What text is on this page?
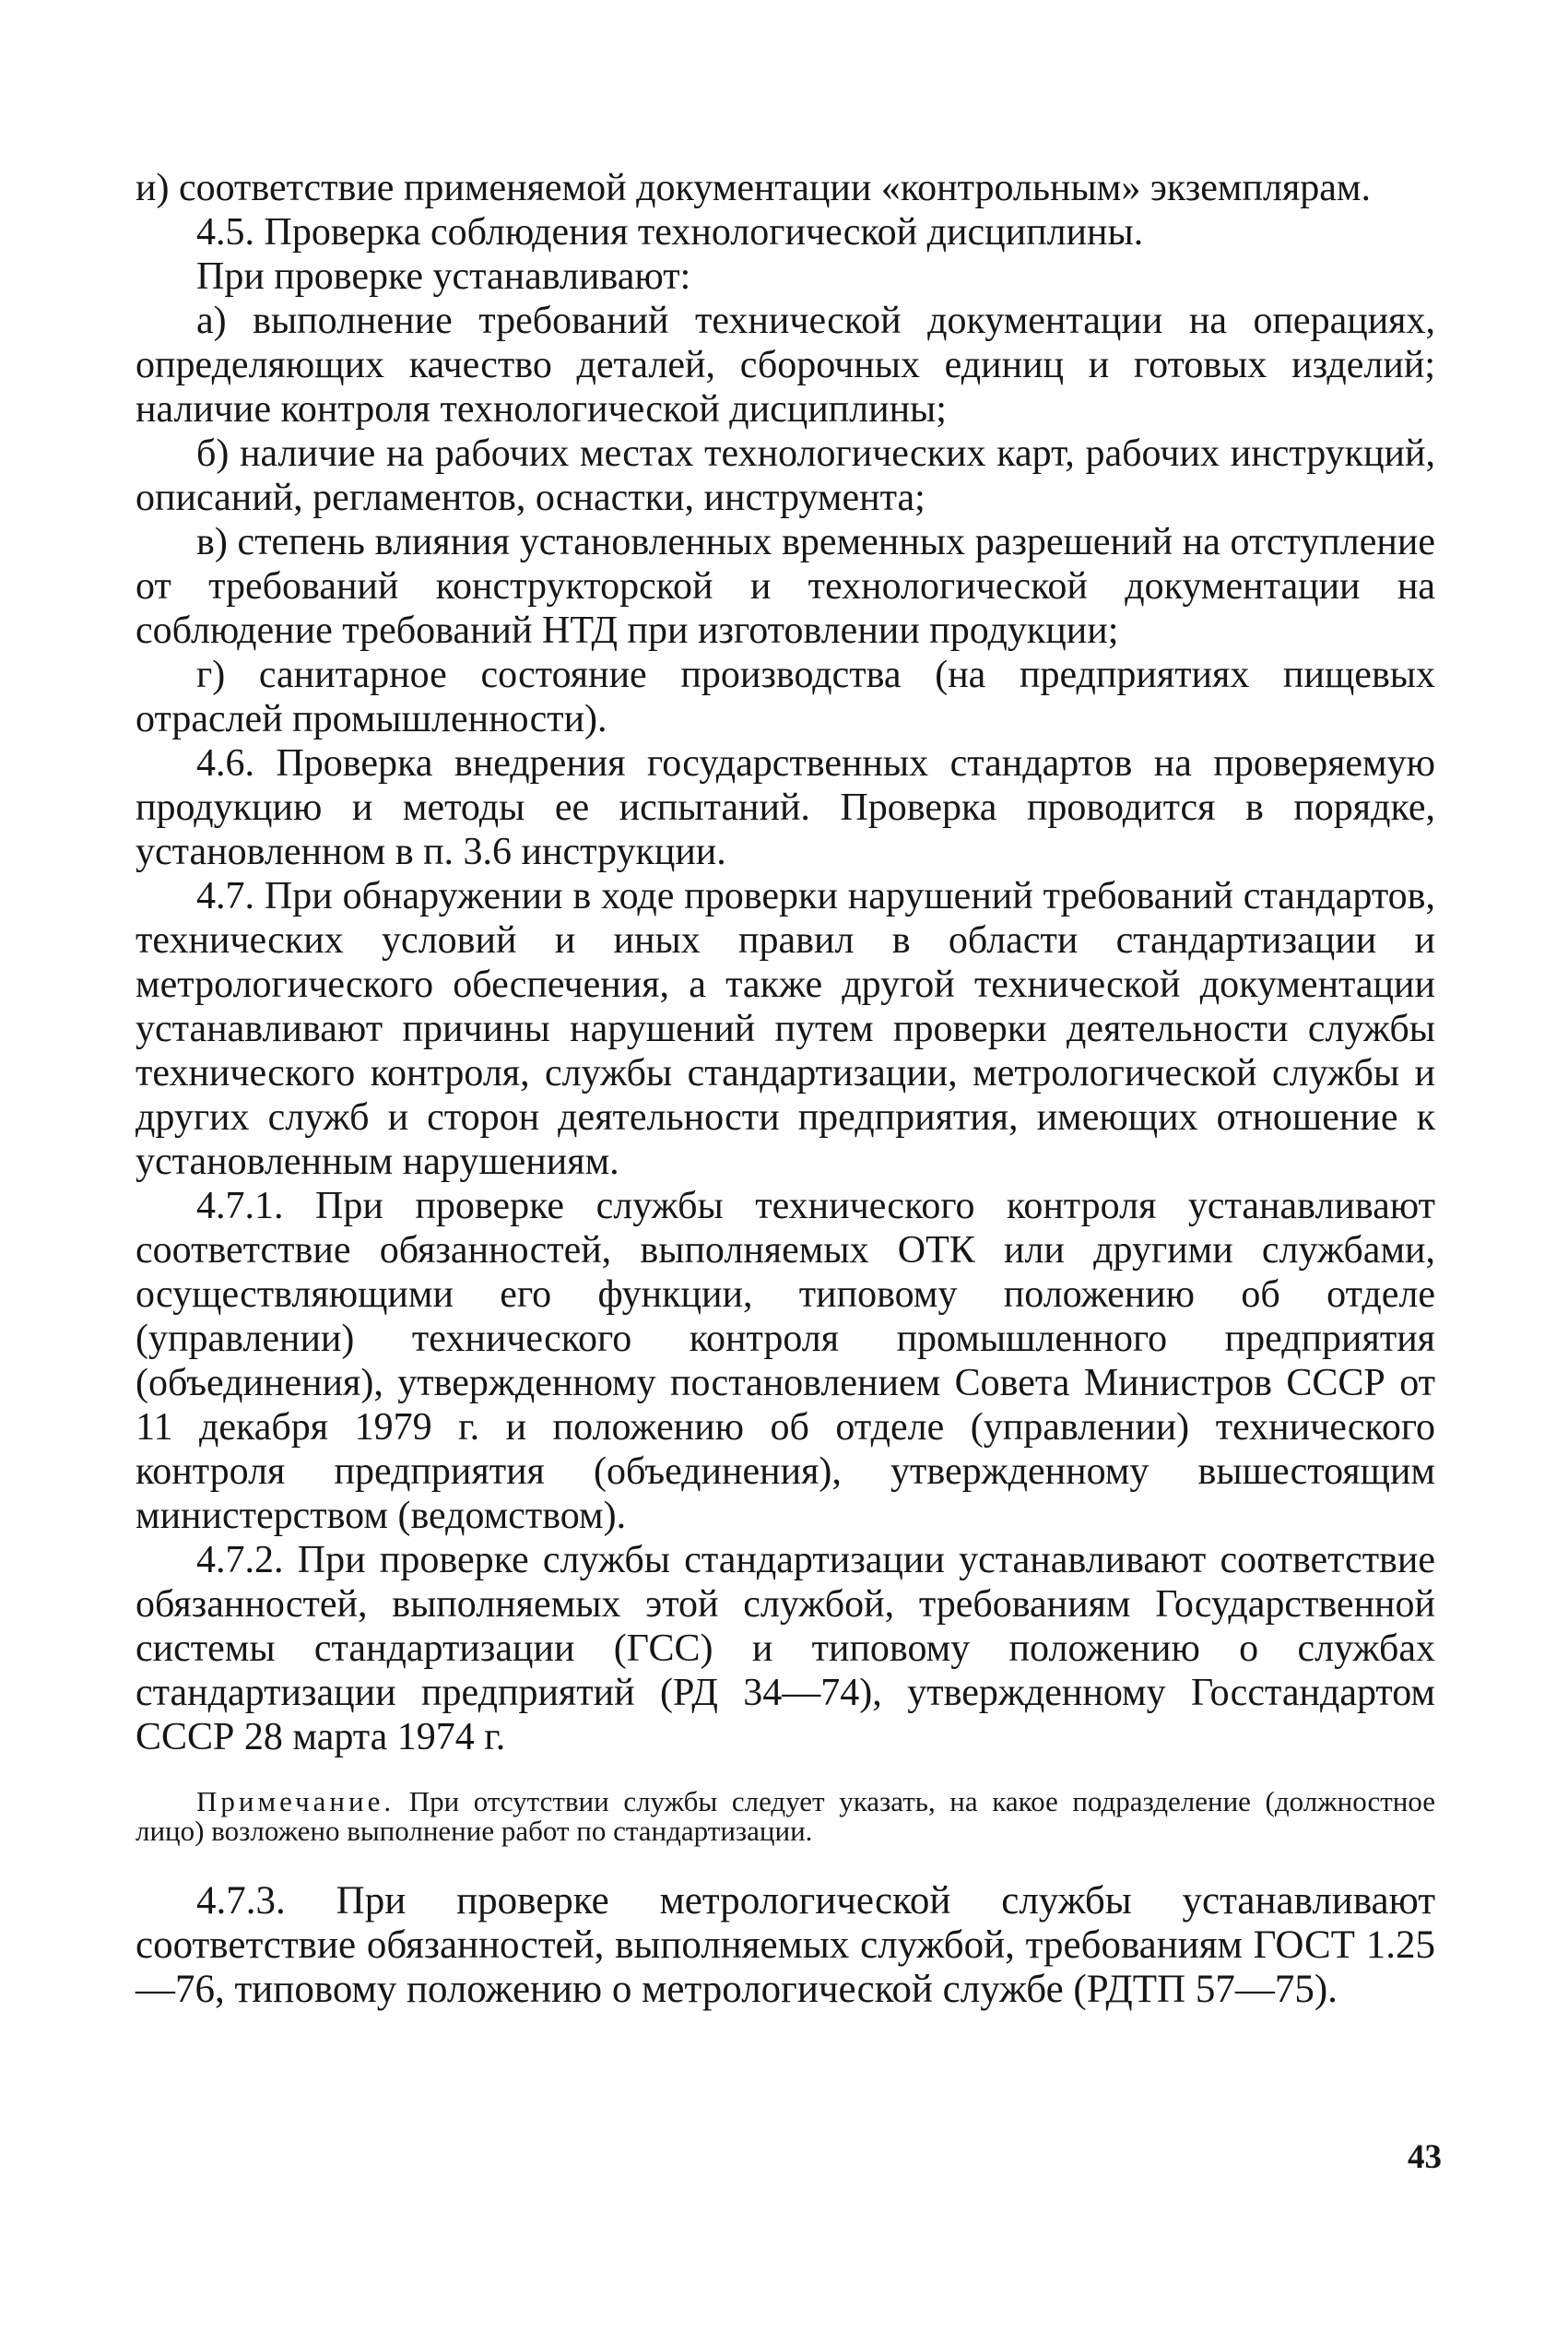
и) соответствие применяемой документации «контрольным» экземплярам.

4.5. Проверка соблюдения технологической дисциплины.

При проверке устанавливают:

а) выполнение требований технической документации на операциях, определяющих качество деталей, сборочных единиц и готовых изделий; наличие контроля технологической дисциплины;

б) наличие на рабочих местах технологических карт, рабочих инструкций, описаний, регламентов, оснастки, инструмента;

в) степень влияния установленных временных разрешений на отступление от требований конструкторской и технологической документации на соблюдение требований НТД при изготовлении продукции;

г) санитарное состояние производства (на предприятиях пищевых отраслей промышленности).

4.6. Проверка внедрения государственных стандартов на проверяемую продукцию и методы ее испытаний. Проверка проводится в порядке, установленном в п. 3.6 инструкции.

4.7. При обнаружении в ходе проверки нарушений требований стандартов, технических условий и иных правил в области стандартизации и метрологического обеспечения, а также другой технической документации устанавливают причины нарушений путем проверки деятельности службы технического контроля, службы стандартизации, метрологической службы и других служб и сторон деятельности предприятия, имеющих отношение к установленным нарушениям.

4.7.1. При проверке службы технического контроля устанавливают соответствие обязанностей, выполняемых ОТК или другими службами, осуществляющими его функции, типовому положению об отделе (управлении) технического контроля промышленного предприятия (объединения), утвержденному постановлением Совета Министров СССР от 11 декабря 1979 г. и положению об отделе (управлении) технического контроля предприятия (объединения), утвержденному вышестоящим министерством (ведомством).

4.7.2. При проверке службы стандартизации устанавливают соответствие обязанностей, выполняемых этой службой, требованиям Государственной системы стандартизации (ГСС) и типовому положению о службах стандартизации предприятий (РД 34—74), утвержденному Госстандартом СССР 28 марта 1974 г.

Примечание. При отсутствии службы следует указать, на какое подразделение (должностное лицо) возложено выполнение работ по стандартизации.

4.7.3. При проверке метрологической службы устанавливают соответствие обязанностей, выполняемых службой, требованиям ГОСТ 1.25—76, типовому положению о метрологической службе (РДТП 57—75).

43
